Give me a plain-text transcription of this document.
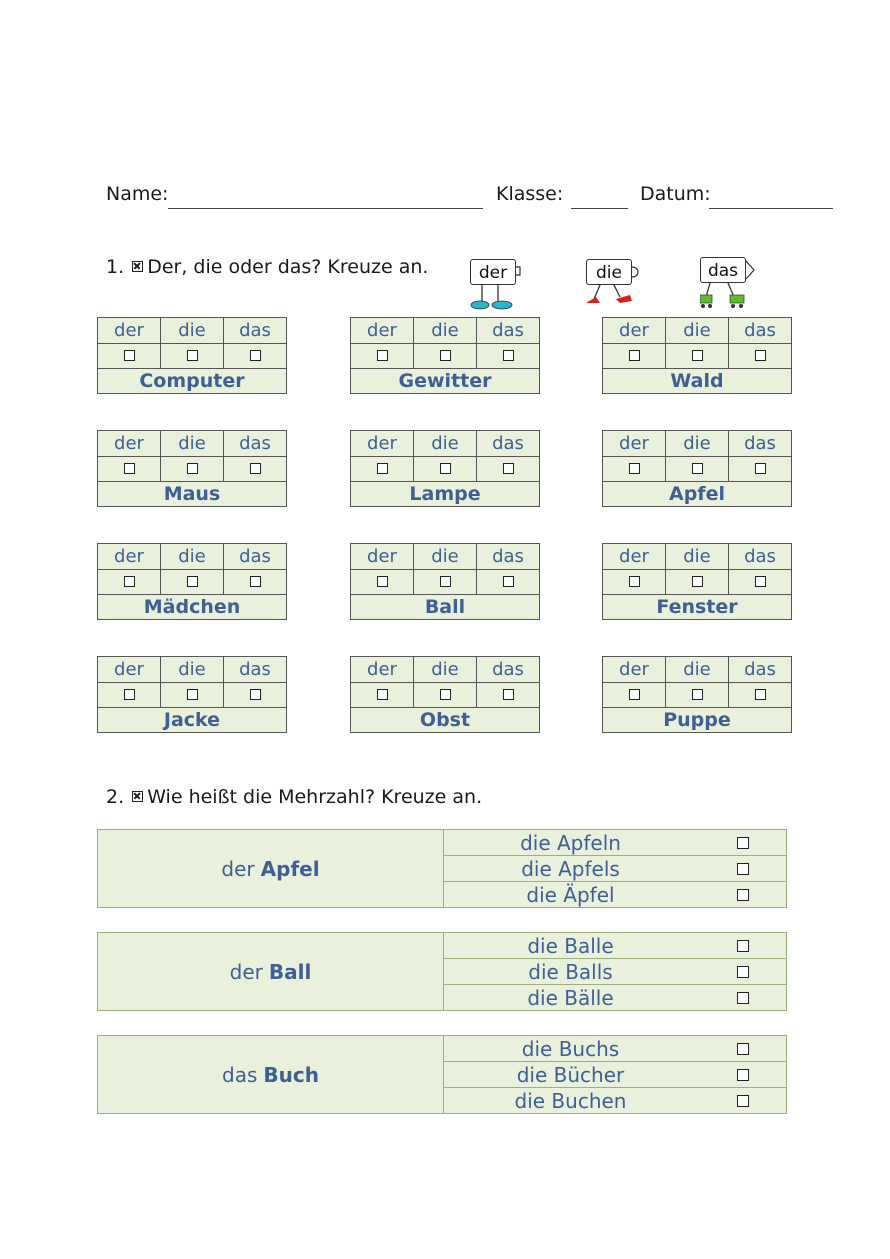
Name:	Klasse:	Datum:
1. Der, die oder das? Kreuze an.	der	die	das
der	die	das
Computer
der	die	das
Gewitter
der	die	das
Wald
der	die	das
Maus
der	die	das
Lampe
der	die	das
Apfel
der	die	das
Mädchen
der	die	das
Ball
der	die	das
Fenster
der	die	das
Jacke
der	die	das
Obst
der	die	das
Puppe
2. Wie heißt die Mehrzahl? Kreuze an.
der Apfel
die Apfeln
die Apfels
die Äpfel
der Ball
die Balle
die Balls
die Bälle
das Buch
die Buchs
die Bücher
die Buchen
